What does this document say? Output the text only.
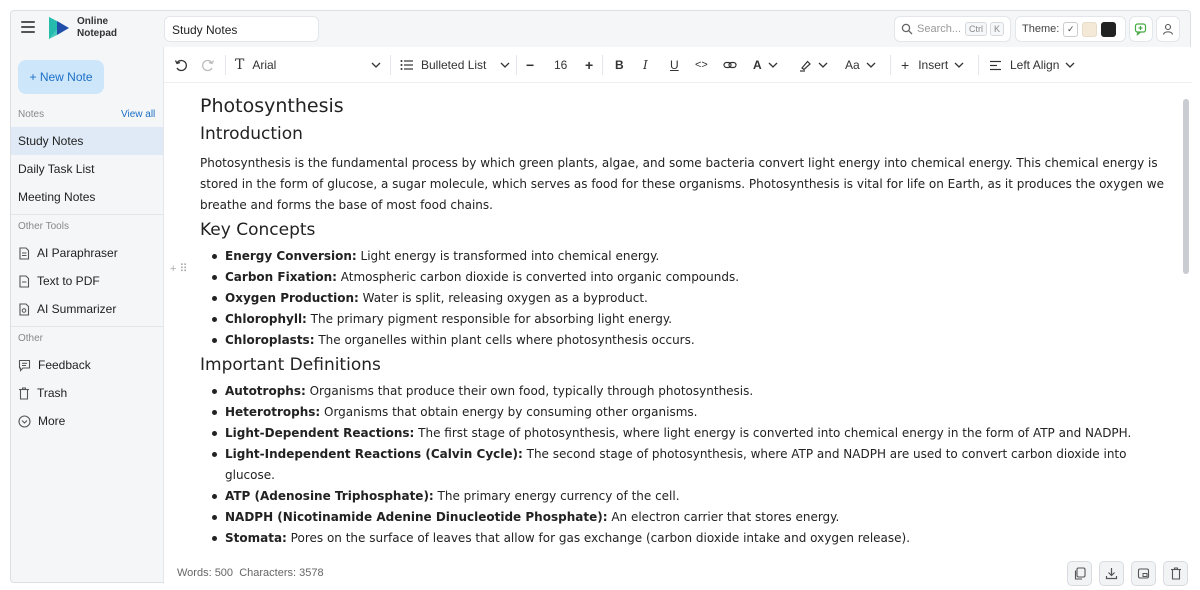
Online
Notepad	Study Notes	Search... Ctrl	K	Theme: ✓
+ New Note
Notes	View all
Study Notes
Daily Task List
Meeting Notes
Other Tools
AI Paraphraser
Text to PDF
AI Summarizer
Other
Feedback
Trash
More
T Arial	Bulleted List	− 16 + B I U <>	A	Aa	+ Insert	Left Align
+ ⠿
Photosynthesis
Introduction

Photosynthesis is the fundamental process by which green plants, algae, and some bacteria convert light energy into chemical energy. This chemical energy is stored in the form of glucose, a sugar molecule, which serves as food for these organisms. Photosynthesis is vital for life on Earth, as it produces the oxygen we breathe and forms the base of most food chains.

Key Concepts
Energy Conversion: Light energy is transformed into chemical energy.
Carbon Fixation: Atmospheric carbon dioxide is converted into organic compounds.
Oxygen Production: Water is split, releasing oxygen as a byproduct.
Chlorophyll: The primary pigment responsible for absorbing light energy.
Chloroplasts: The organelles within plant cells where photosynthesis occurs.
Important Definitions
Autotrophs: Organisms that produce their own food, typically through photosynthesis.
Heterotrophs: Organisms that obtain energy by consuming other organisms.
Light-Dependent Reactions: The first stage of photosynthesis, where light energy is converted into chemical energy in the form of ATP and NADPH.
Light-Independent Reactions (Calvin Cycle): The second stage of photosynthesis, where ATP and NADPH are used to convert carbon dioxide into glucose.
ATP (Adenosine Triphosphate): The primary energy currency of the cell.
NADPH (Nicotinamide Adenine Dinucleotide Phosphate): An electron carrier that stores energy.
Stomata: Pores on the surface of leaves that allow for gas exchange (carbon dioxide intake and oxygen release).
Words: 500 Characters: 3578
